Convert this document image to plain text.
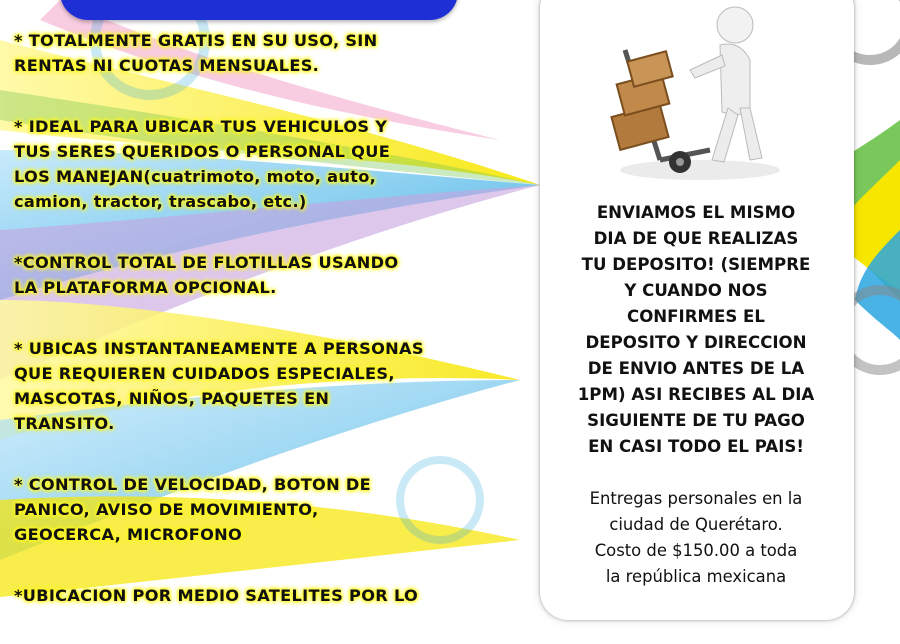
* TOTALMENTE GRATIS EN SU USO, SIN
RENTAS NI CUOTAS MENSUALES.

* IDEAL PARA UBICAR TUS VEHICULOS Y
TUS SERES QUERIDOS O PERSONAL QUE
LOS MANEJAN(cuatrimoto, moto, auto,
camion, tractor, trascabo, etc.)

*CONTROL TOTAL DE FLOTILLAS USANDO
LA PLATAFORMA OPCIONAL.

* UBICAS INSTANTANEAMENTE A PERSONAS
QUE REQUIEREN CUIDADOS ESPECIALES,
MASCOTAS, NIÑOS, PAQUETES EN
TRANSITO.

* CONTROL DE VELOCIDAD, BOTON DE
PANICO, AVISO DE MOVIMIENTO,
GEOCERCA, MICROFONO

*UBICACION POR MEDIO SATELITES POR LO

ENVIAMOS EL MISMO
DIA DE QUE REALIZAS
TU DEPOSITO! (SIEMPRE
Y CUANDO NOS
CONFIRMES EL
DEPOSITO Y DIRECCION
DE ENVIO ANTES DE LA
1PM) ASI RECIBES AL DIA
SIGUIENTE DE TU PAGO
EN CASI TODO EL PAIS!
Entregas personales en la
ciudad de Querétaro.
Costo de $150.00 a toda
la república mexicana
